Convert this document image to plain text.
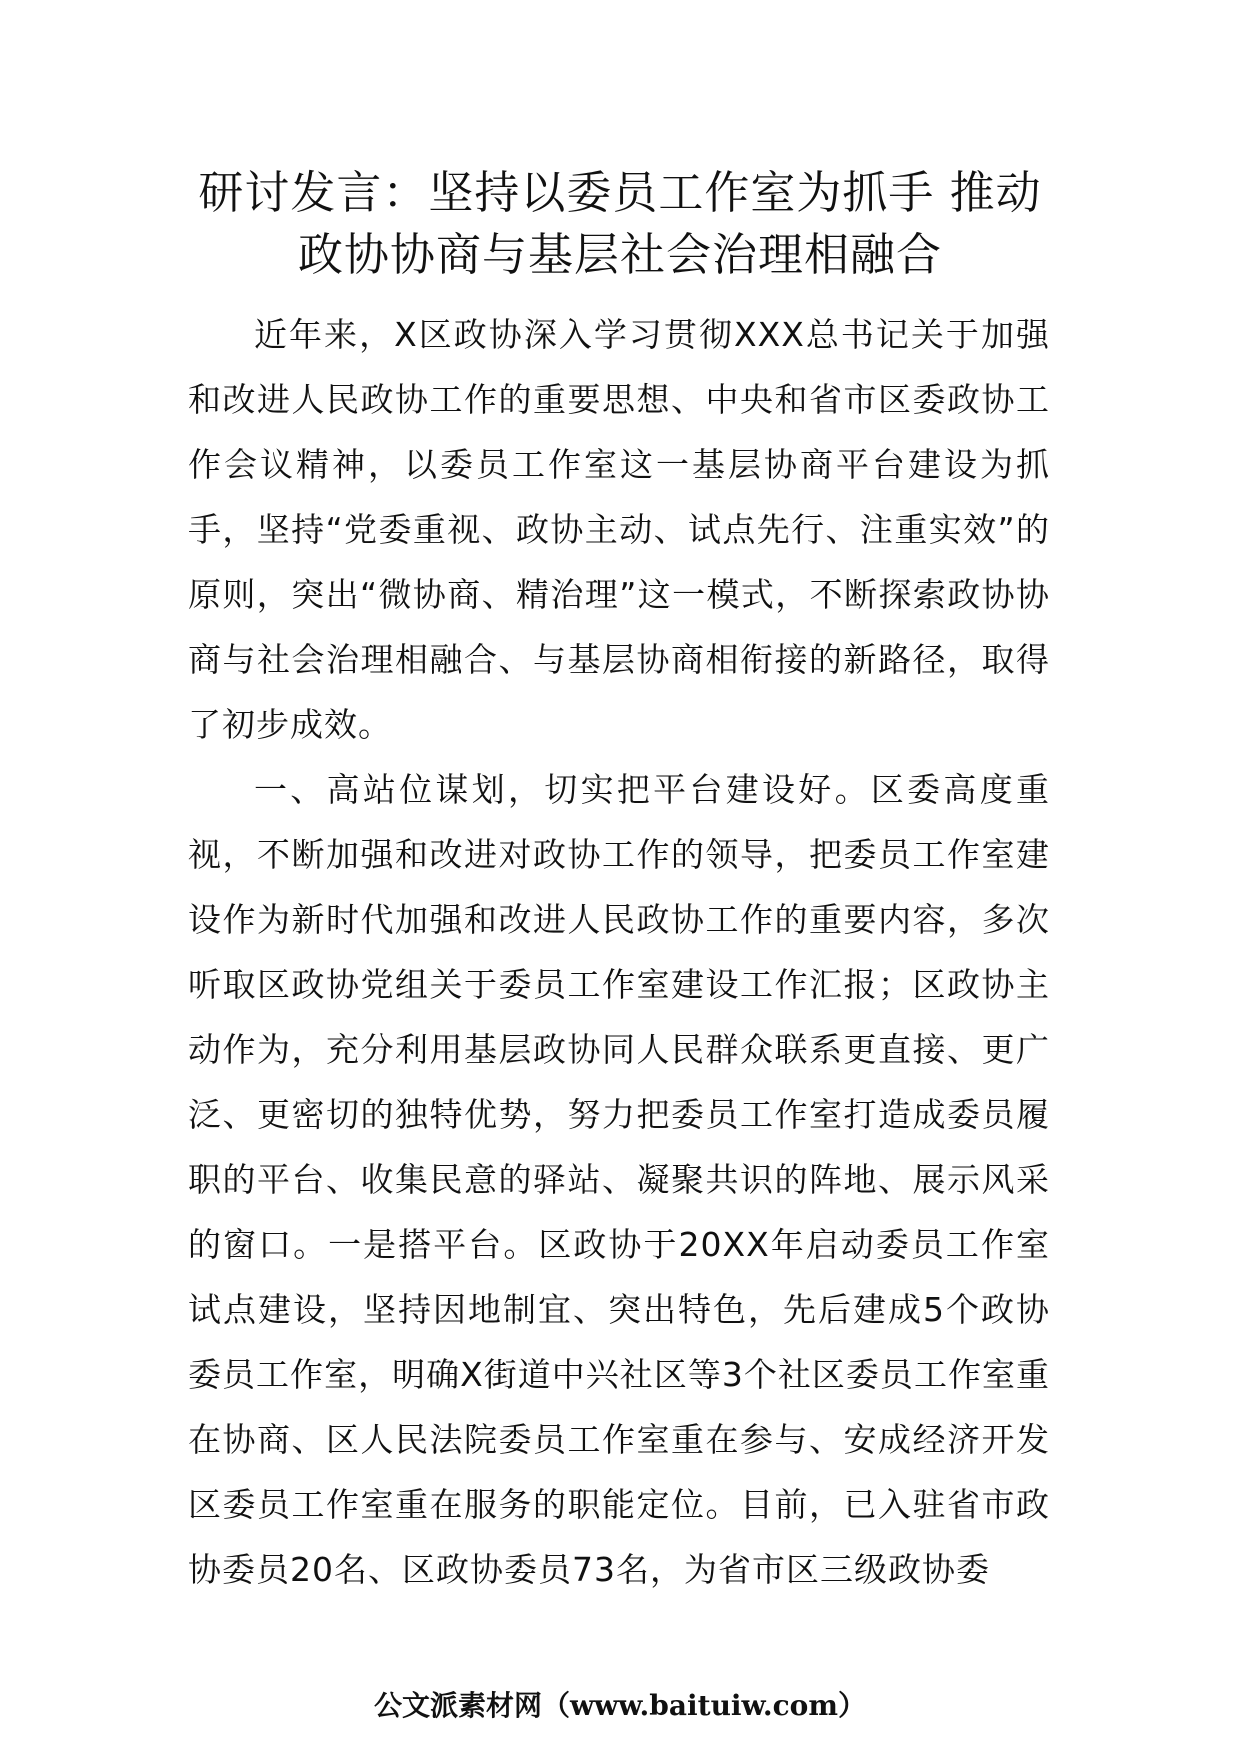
研讨发言：坚持以委员工作室为抓手 推动
政协协商与基层社会治理相融合

近年来，X区政协深入学习贯彻XXX总书记关于加强和改进人民政协工作的重要思想、中央和省市区委政协工作会议精神，以委员工作室这一基层协商平台建设为抓手，坚持“党委重视、政协主动、试点先行、注重实效”的原则，突出“微协商、精治理”这一模式，不断探索政协协商与社会治理相融合、与基层协商相衔接的新路径，取得了初步成效。

一、高站位谋划，切实把平台建设好。区委高度重视，不断加强和改进对政协工作的领导，把委员工作室建设作为新时代加强和改进人民政协工作的重要内容，多次听取区政协党组关于委员工作室建设工作汇报；区政协主动作为，充分利用基层政协同人民群众联系更直接、更广泛、更密切的独特优势，努力把委员工作室打造成委员履职的平台、收集民意的驿站、凝聚共识的阵地、展示风采的窗口。一是搭平台。区政协于20XX年启动委员工作室试点建设，坚持因地制宜、突出特色，先后建成5个政协委员工作室，明确X街道中兴社区等3个社区委员工作室重在协商、区人民法院委员工作室重在参与、安成经济开发区委员工作室重在服务的职能定位。目前，已入驻省市政协委员20名、区政协委员73名，为省市区三级政协委

公文派素材网（www.baituiw.com）
